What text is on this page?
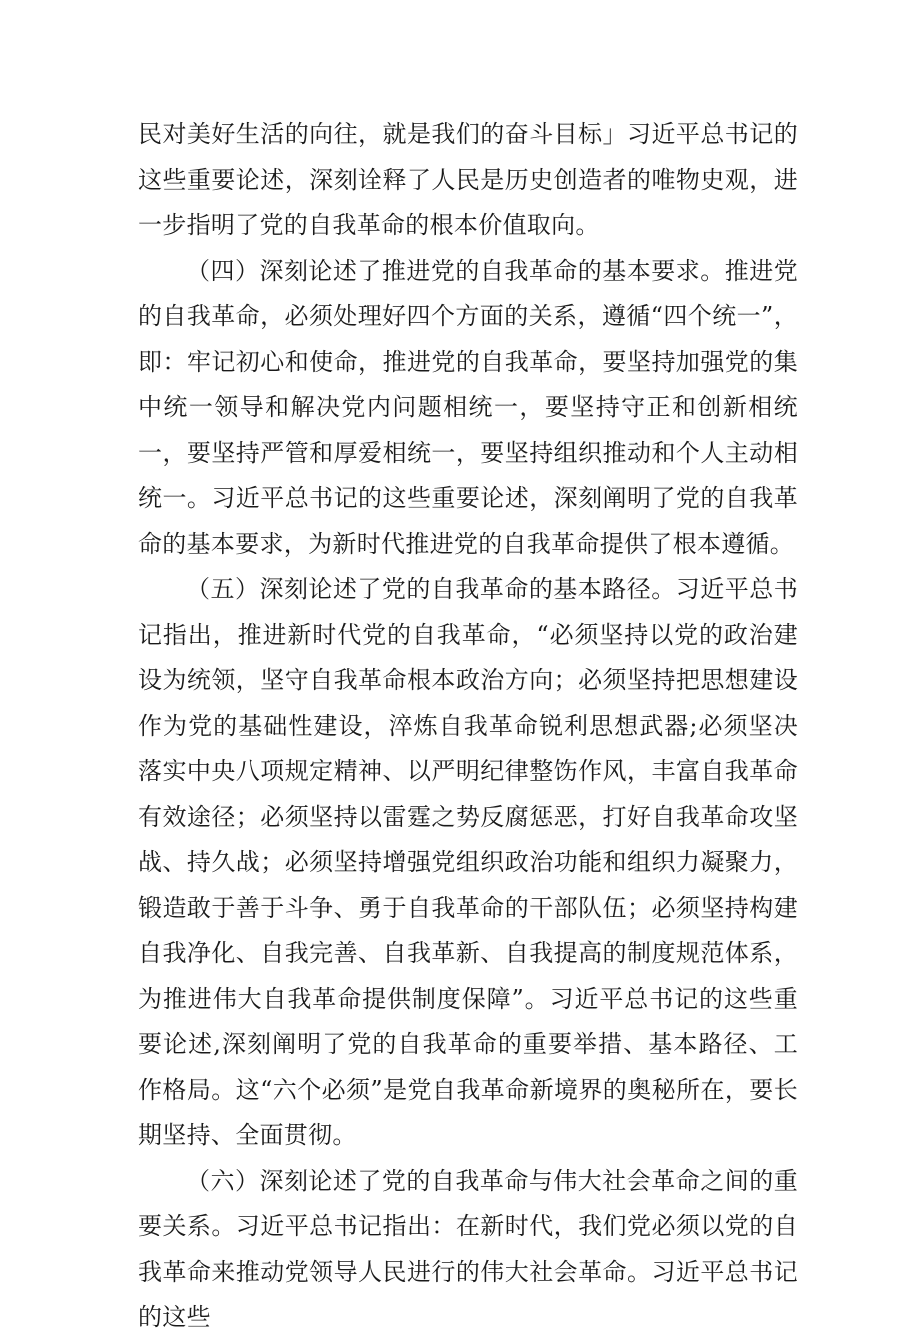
民对美好生活的向往，就是我们的奋斗目标」习近平总书记的这些重要论述，深刻诠释了人民是历史创造者的唯物史观，进一步指明了党的自我革命的根本价值取向。

（四）深刻论述了推进党的自我革命的基本要求。推进党的自我革命，必须处理好四个方面的关系，遵循“四个统一”，即：牢记初心和使命，推进党的自我革命，要坚持加强党的集中统一领导和解决党内问题相统一，要坚持守正和创新相统一，要坚持严管和厚爱相统一，要坚持组织推动和个人主动相统一。习近平总书记的这些重要论述，深刻阐明了党的自我革命的基本要求，为新时代推进党的自我革命提供了根本遵循。

（五）深刻论述了党的自我革命的基本路径。习近平总书记指出，推进新时代党的自我革命，“必须坚持以党的政治建设为统领，坚守自我革命根本政治方向；必须坚持把思想建设作为党的基础性建设，淬炼自我革命锐利思想武器;必须坚决落实中央八项规定精神、以严明纪律整饬作风，丰富自我革命有效途径；必须坚持以雷霆之势反腐惩恶，打好自我革命攻坚战、持久战；必须坚持增强党组织政治功能和组织力凝聚力，锻造敢于善于斗争、勇于自我革命的干部队伍；必须坚持构建自我净化、自我完善、自我革新、自我提高的制度规范体系，为推进伟大自我革命提供制度保障”。习近平总书记的这些重要论述,深刻阐明了党的自我革命的重要举措、基本路径、工作格局。这“六个必须”是党自我革命新境界的奥秘所在，要长期坚持、全面贯彻。

（六）深刻论述了党的自我革命与伟大社会革命之间的重要关系。习近平总书记指出：在新时代，我们党必须以党的自我革命来推动党领导人民进行的伟大社会革命。习近平总书记的这些
